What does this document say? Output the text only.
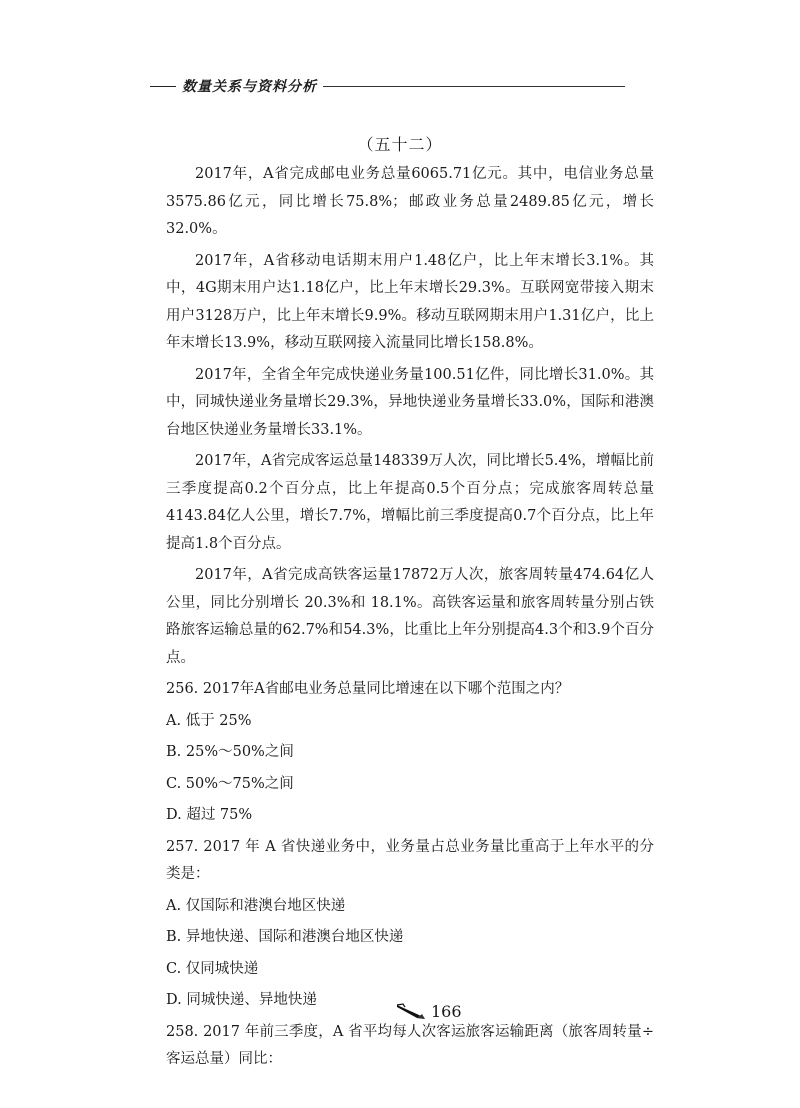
数量关系与资料分析
（五十二）

2017年，A省完成邮电业务总量6065.71亿元。其中，电信业务总量3575.86亿元，同比增长75.8%；邮政业务总量2489.85亿元，增长32.0%。

2017年，A省移动电话期末用户1.48亿户，比上年末增长3.1%。其中，4G期末用户达1.18亿户，比上年末增长29.3%。互联网宽带接入期末用户3128万户，比上年末增长9.9%。移动互联网期末用户1.31亿户，比上年末增长13.9%，移动互联网接入流量同比增长158.8%。

2017年，全省全年完成快递业务量100.51亿件，同比增长31.0%。其中，同城快递业务量增长29.3%，异地快递业务量增长33.0%，国际和港澳台地区快递业务量增长33.1%。

2017年，A省完成客运总量148339万人次，同比增长5.4%，增幅比前三季度提高0.2个百分点，比上年提高0.5个百分点；完成旅客周转总量4143.84亿人公里，增长7.7%，增幅比前三季度提高0.7个百分点，比上年提高1.8个百分点。

2017年，A省完成高铁客运量17872万人次，旅客周转量474.64亿人公里，同比分别增长 20.3%和 18.1%。高铁客运量和旅客周转量分别占铁路旅客运输总量的62.7%和54.3%，比重比上年分别提高4.3个和3.9个百分点。

256. 2017年A省邮电业务总量同比增速在以下哪个范围之内？

A. 低于 25%

B. 25%～50%之间

C. 50%～75%之间

D. 超过 75%

257. 2017 年 A 省快递业务中，业务量占总业务量比重高于上年水平的分类是：

A. 仅国际和港澳台地区快递

B. 异地快递、国际和港澳台地区快递

C. 仅同城快递

D. 同城快递、异地快递

258. 2017 年前三季度，A 省平均每人次客运旅客运输距离（旅客周转量÷客运总量）同比：

166
